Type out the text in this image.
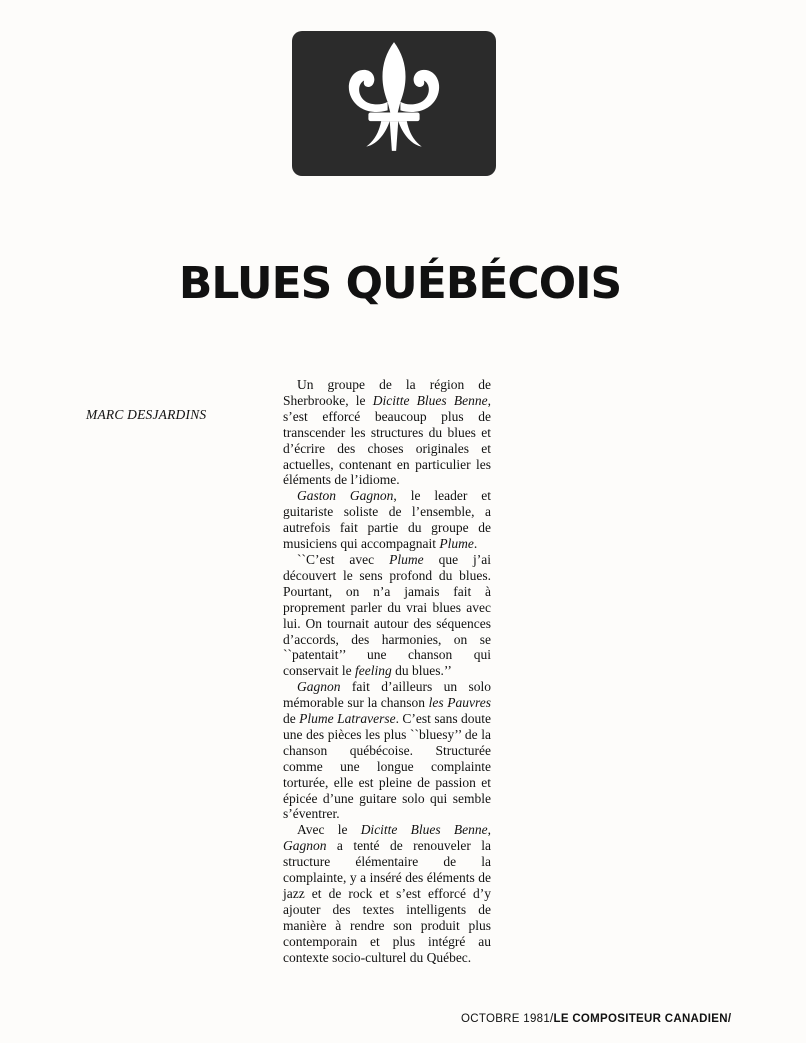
BLUES QUÉBÉCOIS
MARC DESJARDINS

Un groupe de la région de Sherbrooke, le Dicitte Blues Benne, s’est efforcé beaucoup plus de transcender les structures du blues et d’écrire des choses originales et actuelles, contenant en particulier les éléments de l’idiome.

Gaston Gagnon, le leader et guitariste soliste de l’ensemble, a autrefois fait partie du groupe de musiciens qui accompagnait Plume.

``C’est avec Plume que j’ai découvert le sens profond du blues. Pourtant, on n’a jamais fait à proprement parler du vrai blues avec lui. On tournait autour des séquences d’accords, des harmonies, on se ``patentait’’ une chanson qui conservait le feeling du blues.’’

Gagnon fait d’ailleurs un solo mémorable sur la chanson les Pauvres de Plume Latraverse. C’est sans doute une des pièces les plus ``bluesy’’ de la chanson québécoise. Structurée comme une longue complainte torturée, elle est pleine de passion et épicée d’une guitare solo qui semble s’éventrer.

Avec le Dicitte Blues Benne, Gagnon a tenté de renouveler la structure élémentaire de la complainte, y a inséré des éléments de jazz et de rock et s’est efforcé d’y ajouter des textes intelligents de manière à rendre son produit plus contemporain et plus intégré au contexte socio-culturel du Québec.

OCTOBRE 1981/LE COMPOSITEUR CANADIEN/
